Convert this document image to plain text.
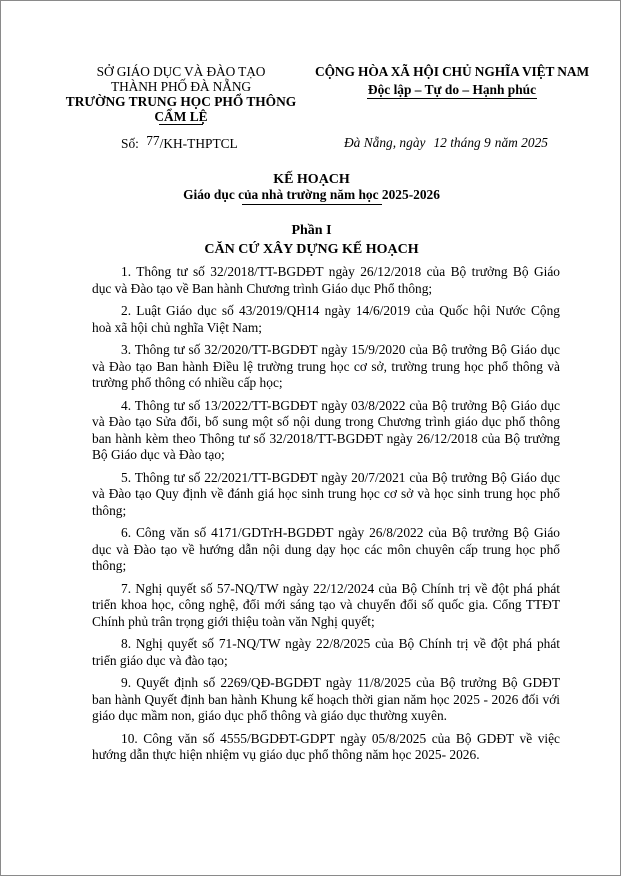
SỞ GIÁO DỤC VÀ ĐÀO TẠO
THÀNH PHỐ ĐÀ NẴNG
TRƯỜNG TRUNG HỌC PHỔ THÔNG
CẨM LỆ
CỘNG HÒA XÃ HỘI CHỦ NGHĨA VIỆT NAM
Độc lập – Tự do – Hạnh phúc
Số: 77/KH-THPTCL	Đà Nẵng, ngày 12 tháng 9 năm 2025
KẾ HOẠCH
Giáo dục của nhà trường năm học 2025-2026
Phần I
CĂN CỨ XÂY DỰNG KẾ HOẠCH

1. Thông tư số 32/2018/TT-BGDĐT ngày 26/12/2018 của Bộ trưởng Bộ Giáo dục và Đào tạo về Ban hành Chương trình Giáo dục Phổ thông;

2. Luật Giáo dục số 43/2019/QH14 ngày 14/6/2019 của Quốc hội Nước Cộng hoà xã hội chủ nghĩa Việt Nam;

3. Thông tư số 32/2020/TT-BGDĐT ngày 15/9/2020 của Bộ trưởng Bộ Giáo dục và Đào tạo Ban hành Điều lệ trường trung học cơ sở, trường trung học phổ thông và trường phổ thông có nhiều cấp học;

4. Thông tư số 13/2022/TT-BGDĐT ngày 03/8/2022 của Bộ trưởng Bộ Giáo dục và Đào tạo Sửa đổi, bổ sung một số nội dung trong Chương trình giáo dục phổ thông ban hành kèm theo Thông tư số 32/2018/TT-BGDĐT ngày 26/12/2018 của Bộ trưởng Bộ Giáo dục và Đào tạo;

5. Thông tư số 22/2021/TT-BGDĐT ngày 20/7/2021 của Bộ trưởng Bộ Giáo dục và Đào tạo Quy định về đánh giá học sinh trung học cơ sở và học sinh trung học phổ thông;

6. Công văn số 4171/GDTrH-BGDĐT ngày 26/8/2022 của Bộ trưởng Bộ Giáo dục và Đào tạo về hướng dẫn nội dung dạy học các môn chuyên cấp trung học phổ thông;

7. Nghị quyết số 57-NQ/TW ngày 22/12/2024 của Bộ Chính trị về đột phá phát triển khoa học, công nghệ, đổi mới sáng tạo và chuyển đổi số quốc gia. Cổng TTĐT Chính phủ trân trọng giới thiệu toàn văn Nghị quyết;

8. Nghị quyết số 71-NQ/TW ngày 22/8/2025 của Bộ Chính trị về đột phá phát triển giáo dục và đào tạo;

9. Quyết định số 2269/QĐ-BGDĐT ngày 11/8/2025 của Bộ trưởng Bộ GDĐT ban hành Quyết định ban hành Khung kế hoạch thời gian năm học 2025 - 2026 đối với giáo dục mầm non, giáo dục phổ thông và giáo dục thường xuyên.

10. Công văn số 4555/BGDĐT-GDPT ngày 05/8/2025 của Bộ GDĐT về việc hướng dẫn thực hiện nhiệm vụ giáo dục phổ thông năm học 2025- 2026.
